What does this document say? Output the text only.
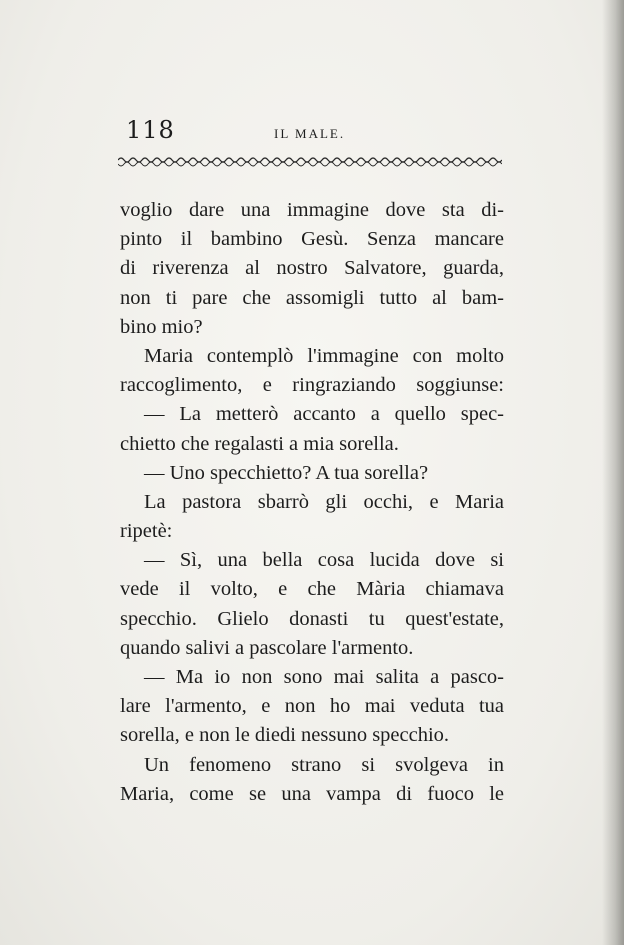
118	IL MALE.
voglio dare una immagine dove sta di-
pinto il bambino Gesù. Senza mancare
di riverenza al nostro Salvatore, guarda,
non ti pare che assomigli tutto al bam-
bino mio?
Maria contemplò l'immagine con molto
raccoglimento, e ringraziando soggiunse:
— La metterò accanto a quello spec-
chietto che regalasti a mia sorella.
— Uno specchietto? A tua sorella?
La pastora sbarrò gli occhi, e Maria
ripetè:
— Sì, una bella cosa lucida dove si
vede il volto, e che Mària chiamava
specchio. Glielo donasti tu quest'estate,
quando salivi a pascolare l'armento.
— Ma io non sono mai salita a pasco-
lare l'armento, e non ho mai veduta tua
sorella, e non le diedi nessuno specchio.
Un fenomeno strano si svolgeva in
Maria, come se una vampa di fuoco le
